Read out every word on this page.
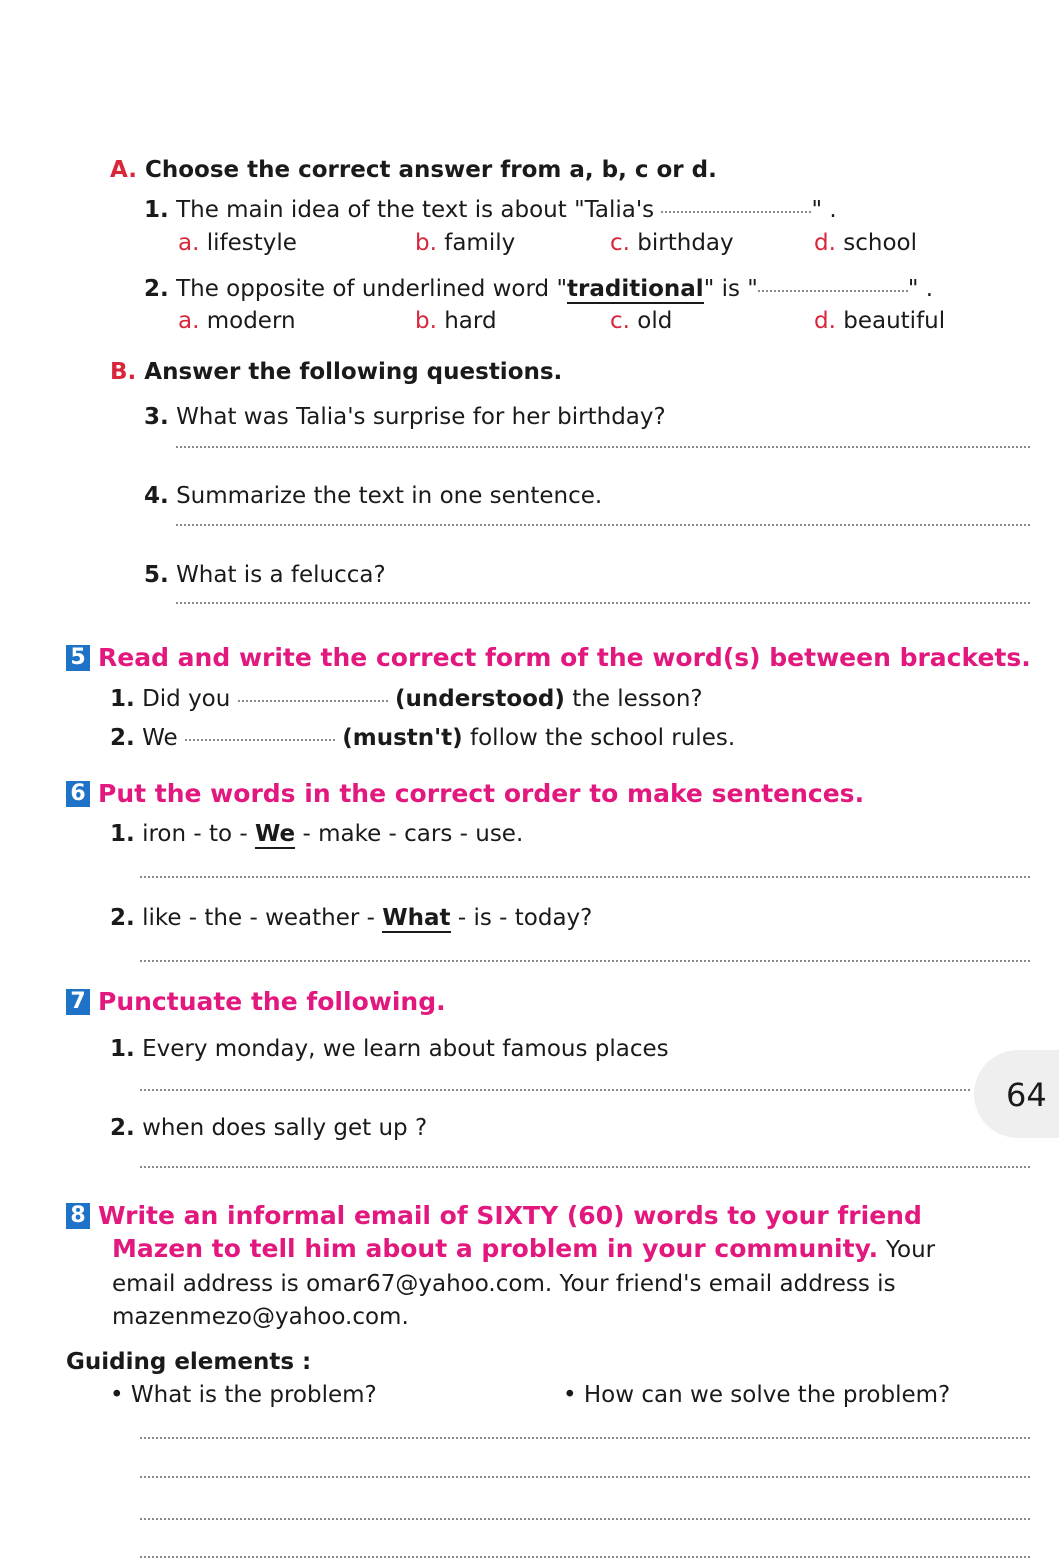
A. Choose the correct answer from a, b, c or d.
1. The main idea of the text is about "Talia's	" .
a. lifestyle	b. family	c. birthday	d. school
2. The opposite of underlined word "traditional" is "	" .
a. modern	b. hard	c. old	d. beautiful
B. Answer the following questions.
3. What was Talia's surprise for her birthday?
4. Summarize the text in one sentence.
5. What is a felucca?
5 Read and write the correct form of the word(s) between brackets.
1. Did you	(understood) the lesson?
2. We	(mustn't) follow the school rules.
6 Put the words in the correct order to make sentences.
1. iron - to - We - make - cars - use.
2. like - the - weather - What - is - today?
7 Punctuate the following.
1. Every monday, we learn about famous places
2. when does sally get up ?
64
8 Write an informal email of SIXTY (60) words to your friend
Mazen to tell him about a problem in your community. Your
email address is omar67@yahoo.com. Your friend's email address is
mazenmezo@yahoo.com.
Guiding elements :
• What is the problem?	• How can we solve the problem?
